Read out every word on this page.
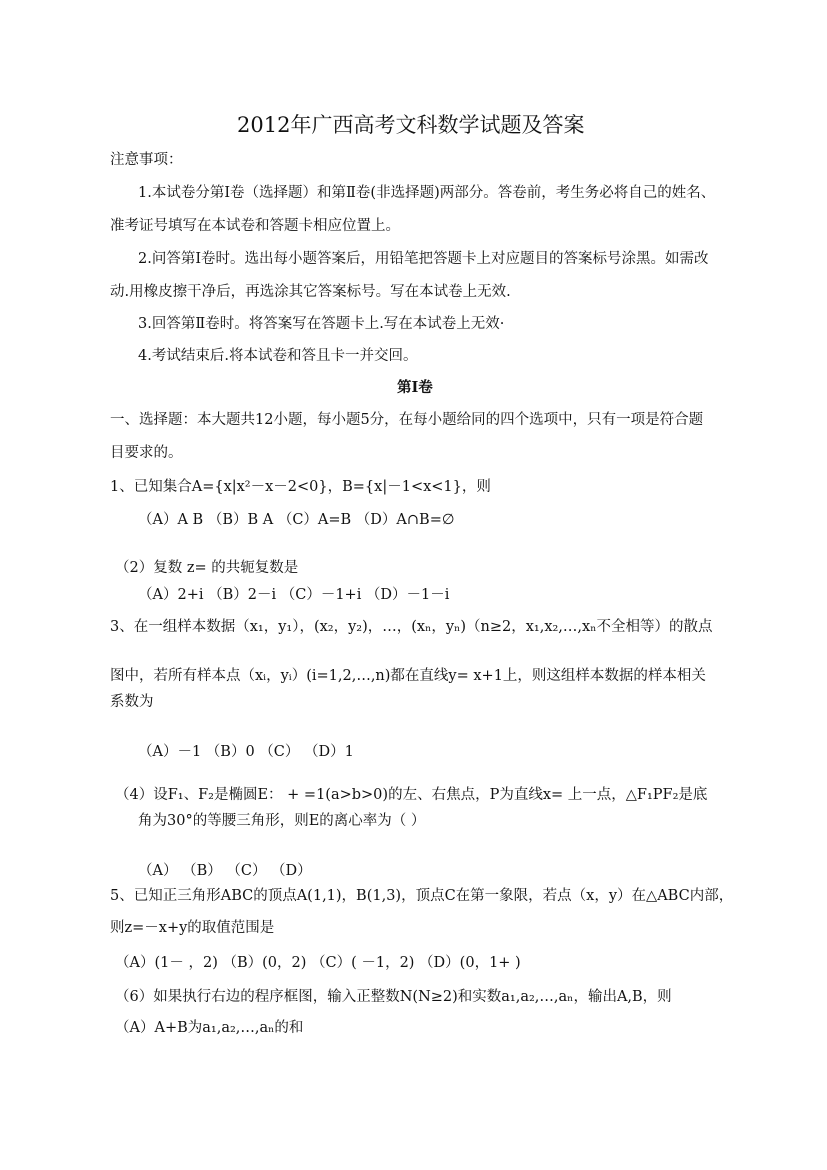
2012年广西高考文科数学试题及答案
注意事项：
1.本试卷分第Ⅰ卷（选择题）和第Ⅱ卷(非选择题)两部分。答卷前，考生务必将自己的姓名、
准考证号填写在本试卷和答题卡相应位置上。
2.问答第Ⅰ卷时。选出每小题答案后，用铅笔把答题卡上对应题目的答案标号涂黑。如需改
动.用橡皮擦干净后，再选涂其它答案标号。写在本试卷上无效.
3.回答第Ⅱ卷时。将答案写在答题卡上.写在本试卷上无效·
4.考试结束后.将本试卷和答且卡一并交回。
第Ⅰ卷
一、选择题：本大题共12小题，每小题5分，在每小题给同的四个选项中，只有一项是符合题
目要求的。
1、已知集合A={x|x²－x－2<0}，B={x|－1<x<1}，则
（A）A B （B）B A （C）A=B （D）A∩B=∅
（2）复数 z= 的共轭复数是
（A）2+i （B）2－i （C）－1+i （D）－1－i
3、在一组样本数据（x₁，y₁），(x₂，y₂)，…，(xₙ，yₙ)（n≥2，x₁,x₂,…,xₙ不全相等）的散点
图中，若所有样本点（xᵢ，yᵢ）(i=1,2,…,n)都在直线y= x+1上，则这组样本数据的样本相关
系数为
（A）－1 （B）0 （C） （D）1
（4）设F₁、F₂是椭圆E： + =1(a>b>0)的左、右焦点，P为直线x= 上一点，△F₁PF₂是底
角为30°的等腰三角形，则E的离心率为（ ）
（A） （B） （C） （D）
5、已知正三角形ABC的顶点A(1,1)，B(1,3)，顶点C在第一象限，若点（x，y）在△ABC内部，
则z=－x+y的取值范围是
（A）(1－ ，2) （B）(0，2) （C）( －1，2) （D）(0，1+ )
（6）如果执行右边的程序框图，输入正整数N(N≥2)和实数a₁,a₂,…,aₙ，输出A,B，则
（A）A+B为a₁,a₂,…,aₙ的和
